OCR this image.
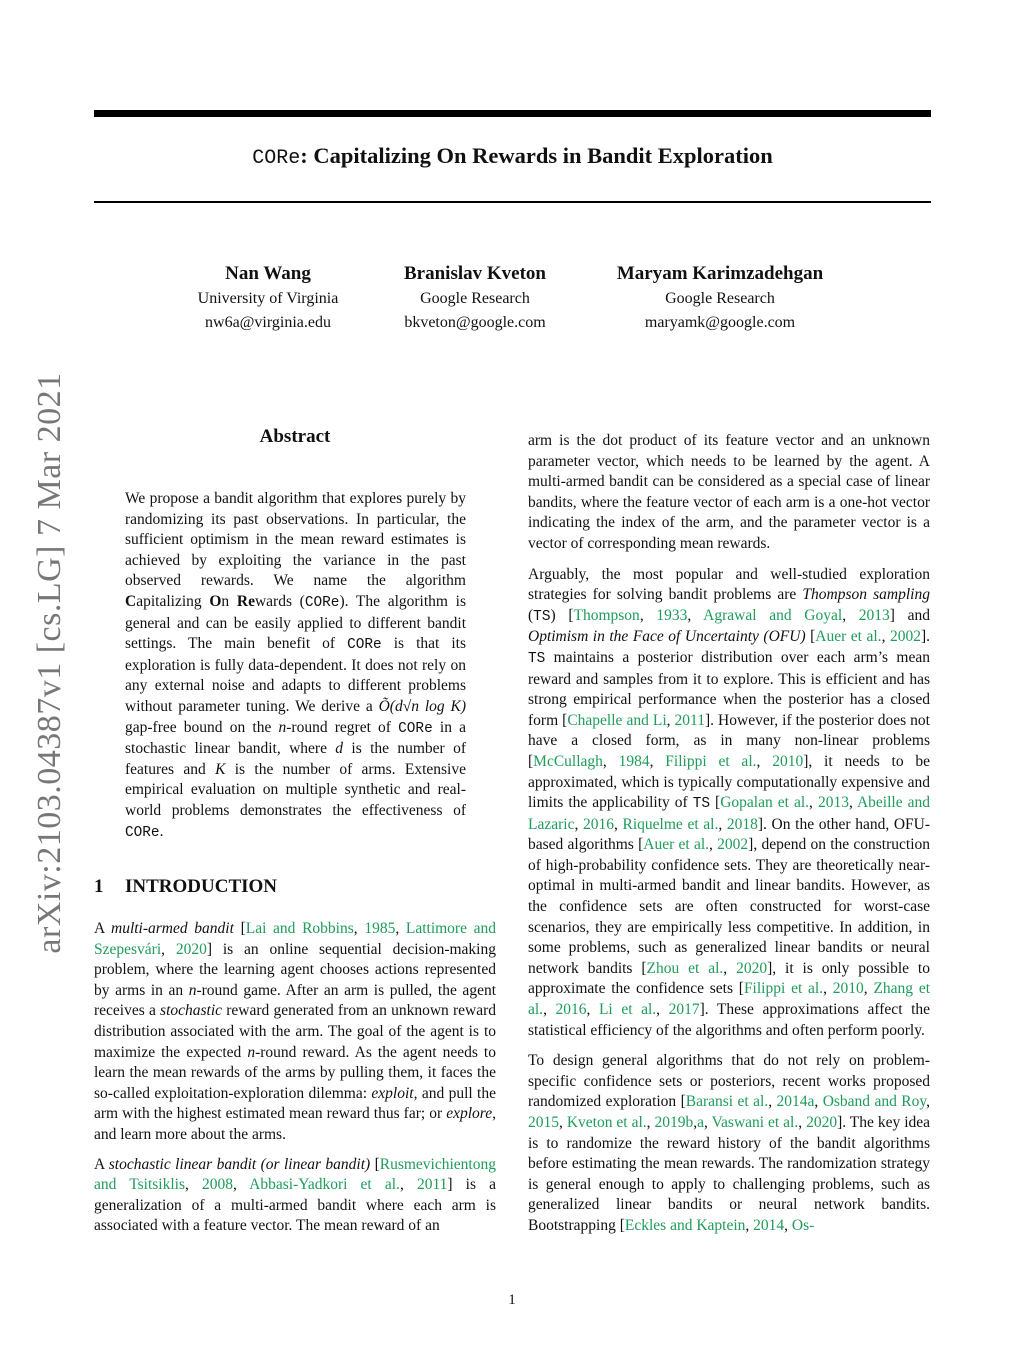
arXiv:2103.04387v1 [cs.LG] 7 Mar 2021
CORe: Capitalizing On Rewards in Bandit Exploration
Nan Wang
University of Virginia
nw6a@virginia.edu
Branislav Kveton
Google Research
bkveton@google.com
Maryam Karimzadehgan
Google Research
maryamk@google.com
Abstract
We propose a bandit algorithm that explores purely by randomizing its past observations. In particular, the sufficient optimism in the mean reward estimates is achieved by exploiting the variance in the past observed rewards. We name the algorithm Capitalizing On Rewards (CORe). The algorithm is general and can be easily applied to different bandit settings. The main benefit of CORe is that its exploration is fully data-dependent. It does not rely on any external noise and adapts to different problems without parameter tuning. We derive a Õ(d√n log K) gap-free bound on the n-round regret of CORe in a stochastic linear bandit, where d is the number of features and K is the number of arms. Extensive empirical evaluation on multiple synthetic and real-world problems demonstrates the effectiveness of CORe.
1 INTRODUCTION

A multi-armed bandit [Lai and Robbins, 1985, Lattimore and Szepesvári, 2020] is an online sequential decision-making problem, where the learning agent chooses actions represented by arms in an n-round game. After an arm is pulled, the agent receives a stochastic reward generated from an unknown reward distribution associated with the arm. The goal of the agent is to maximize the expected n-round reward. As the agent needs to learn the mean rewards of the arms by pulling them, it faces the so-called exploitation-exploration dilemma: exploit, and pull the arm with the highest estimated mean reward thus far; or explore, and learn more about the arms.

A stochastic linear bandit (or linear bandit) [Rusmevichientong and Tsitsiklis, 2008, Abbasi-Yadkori et al., 2011] is a generalization of a multi-armed bandit where each arm is associated with a feature vector. The mean reward of an

arm is the dot product of its feature vector and an unknown parameter vector, which needs to be learned by the agent. A multi-armed bandit can be considered as a special case of linear bandits, where the feature vector of each arm is a one-hot vector indicating the index of the arm, and the parameter vector is a vector of corresponding mean rewards.

Arguably, the most popular and well-studied exploration strategies for solving bandit problems are Thompson sampling (TS) [Thompson, 1933, Agrawal and Goyal, 2013] and Optimism in the Face of Uncertainty (OFU) [Auer et al., 2002]. TS maintains a posterior distribution over each arm’s mean reward and samples from it to explore. This is efficient and has strong empirical performance when the posterior has a closed form [Chapelle and Li, 2011]. However, if the posterior does not have a closed form, as in many non-linear problems [McCullagh, 1984, Filippi et al., 2010], it needs to be approximated, which is typically computationally expensive and limits the applicability of TS [Gopalan et al., 2013, Abeille and Lazaric, 2016, Riquelme et al., 2018]. On the other hand, OFU-based algorithms [Auer et al., 2002], depend on the construction of high-probability confidence sets. They are theoretically near-optimal in multi-armed bandit and linear bandits. However, as the confidence sets are often constructed for worst-case scenarios, they are empirically less competitive. In addition, in some problems, such as generalized linear bandits or neural network bandits [Zhou et al., 2020], it is only possible to approximate the confidence sets [Filippi et al., 2010, Zhang et al., 2016, Li et al., 2017]. These approximations affect the statistical efficiency of the algorithms and often perform poorly.

To design general algorithms that do not rely on problem-specific confidence sets or posteriors, recent works proposed randomized exploration [Baransi et al., 2014a, Osband and Roy, 2015, Kveton et al., 2019b,a, Vaswani et al., 2020]. The key idea is to randomize the reward history of the bandit algorithms before estimating the mean rewards. The randomization strategy is general enough to apply to challenging problems, such as generalized linear bandits or neural network bandits. Bootstrapping [Eckles and Kaptein, 2014, Os-

1
